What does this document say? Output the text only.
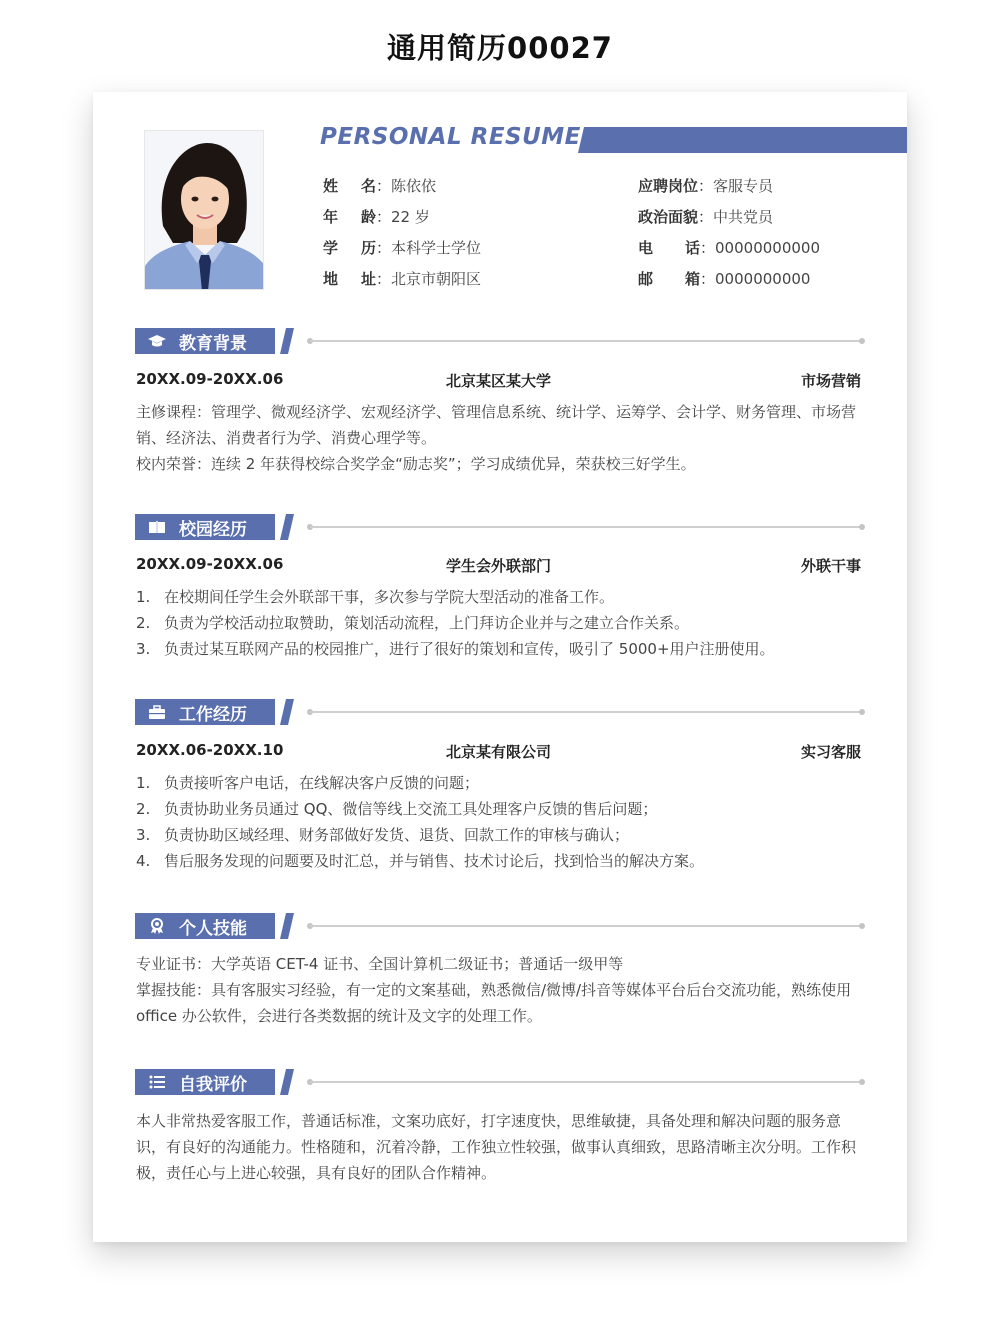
通用简历00027
PERSONAL RESUME
姓名：陈依依
年龄：22 岁
学历：本科学士学位
地址：北京市朝阳区
应聘岗位：客服专员
政治面貌：中共党员
电话：00000000000
邮箱：0000000000
教育背景
20XX.09-20XX.06	北京某区某大学	市场营销
主修课程：管理学、微观经济学、宏观经济学、管理信息系统、统计学、运筹学、会计学、财务管理、市场营销、经济法、消费者行为学、消费心理学等。
校内荣誉：连续 2 年获得校综合奖学金“励志奖”；学习成绩优异，荣获校三好学生。
校园经历
20XX.09-20XX.06	学生会外联部门	外联干事
1. 在校期间任学生会外联部干事，多次参与学院大型活动的准备工作。
2. 负责为学校活动拉取赞助，策划活动流程，上门拜访企业并与之建立合作关系。
3. 负责过某互联网产品的校园推广，进行了很好的策划和宣传，吸引了 5000+用户注册使用。
工作经历
20XX.06-20XX.10	北京某有限公司	实习客服
1. 负责接听客户电话，在线解决客户反馈的问题；
2. 负责协助业务员通过 QQ、微信等线上交流工具处理客户反馈的售后问题；
3. 负责协助区域经理、财务部做好发货、退货、回款工作的审核与确认；
4. 售后服务发现的问题要及时汇总，并与销售、技术讨论后，找到恰当的解决方案。
个人技能
专业证书：大学英语 CET-4 证书、全国计算机二级证书；普通话一级甲等
掌握技能：具有客服实习经验，有一定的文案基础，熟悉微信/微博/抖音等媒体平台后台交流功能，熟练使用 office 办公软件，会进行各类数据的统计及文字的处理工作。
自我评价
本人非常热爱客服工作，普通话标准，文案功底好，打字速度快，思维敏捷，具备处理和解决问题的服务意识，有良好的沟通能力。性格随和，沉着冷静，工作独立性较强，做事认真细致，思路清晰主次分明。工作积极，责任心与上进心较强，具有良好的团队合作精神。
